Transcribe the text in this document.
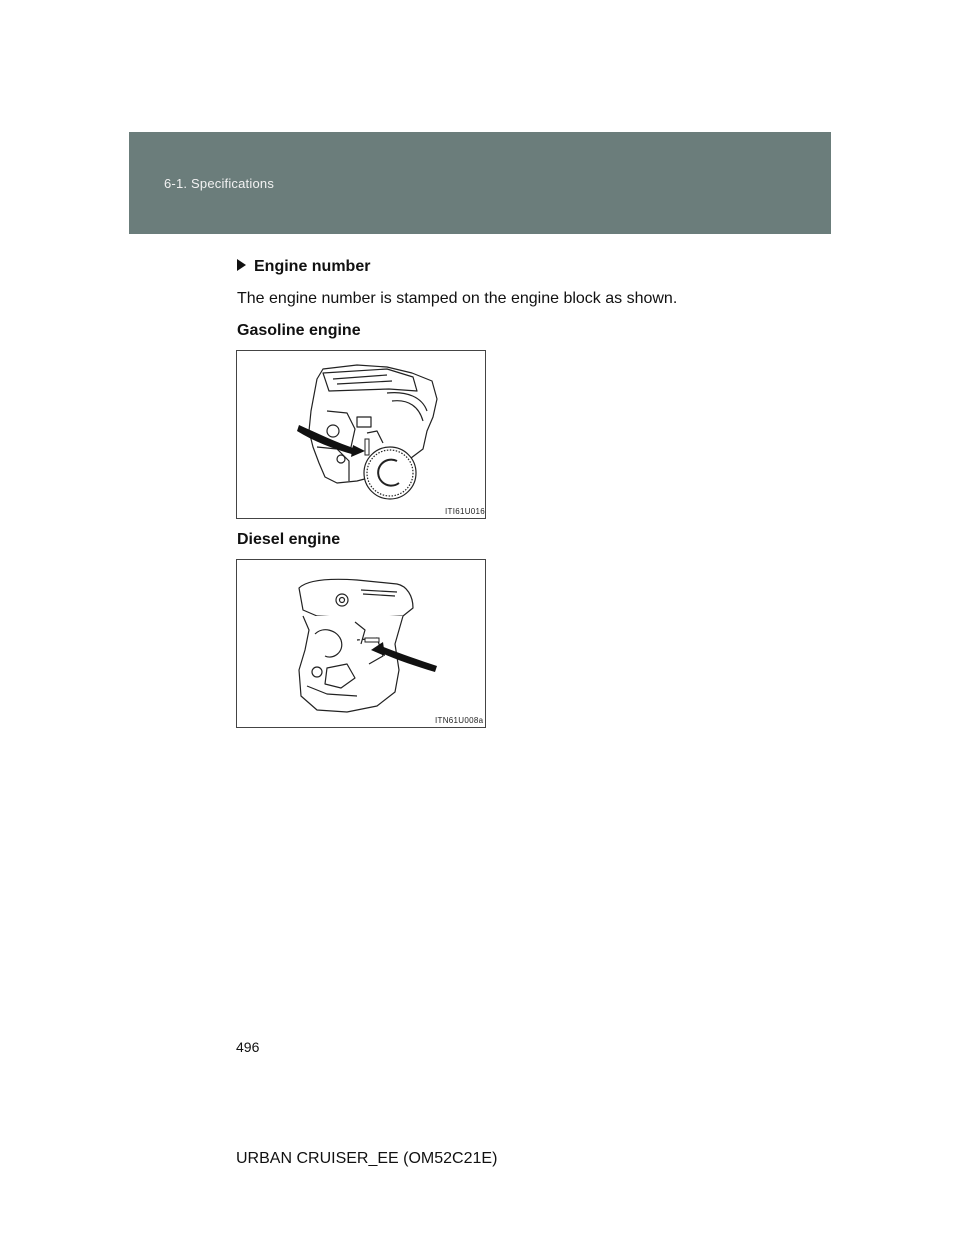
6-1. Specifications
Engine number
The engine number is stamped on the engine block as shown.
Gasoline engine
ITI61U016
Diesel engine
ITN61U008a
496
URBAN CRUISER_EE (OM52C21E)
